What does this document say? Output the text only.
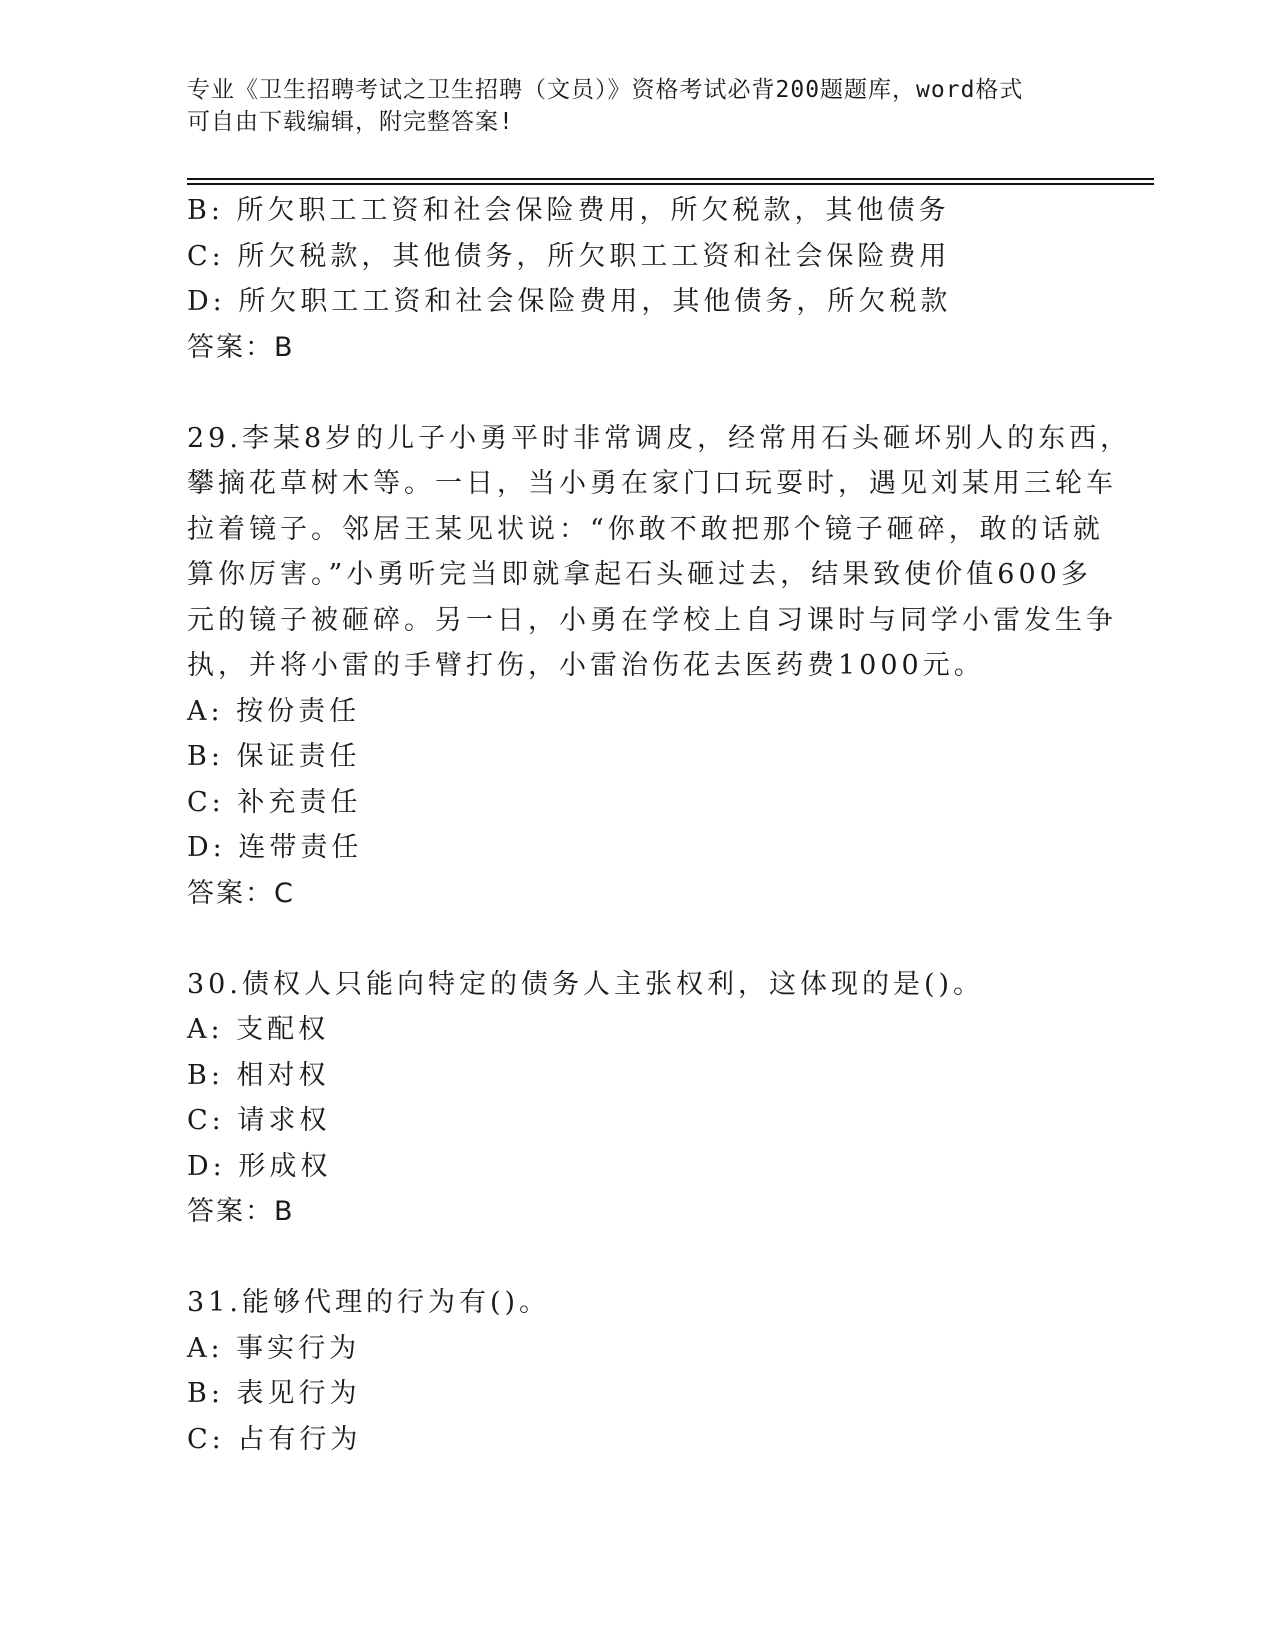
专业《卫生招聘考试之卫生招聘（文员）》资格考试必背200题题库，word格式
可自由下载编辑，附完整答案!

B: 所欠职工工资和社会保险费用，所欠税款，其他债务

C: 所欠税款，其他债务，所欠职工工资和社会保险费用

D: 所欠职工工资和社会保险费用，其他债务，所欠税款

答案：B

29.李某8岁的儿子小勇平时非常调皮，经常用石头砸坏别人的东西，

攀摘花草树木等。一日，当小勇在家门口玩耍时，遇见刘某用三轮车

拉着镜子。邻居王某见状说：“你敢不敢把那个镜子砸碎，敢的话就

算你厉害。”小勇听完当即就拿起石头砸过去，结果致使价值600多

元的镜子被砸碎。另一日，小勇在学校上自习课时与同学小雷发生争

执，并将小雷的手臂打伤，小雷治伤花去医药费1000元。

A: 按份责任

B: 保证责任

C: 补充责任

D: 连带责任

答案：C

30.债权人只能向特定的债务人主张权利，这体现的是()。

A: 支配权

B: 相对权

C: 请求权

D: 形成权

答案：B

31.能够代理的行为有()。

A: 事实行为

B: 表见行为

C: 占有行为
